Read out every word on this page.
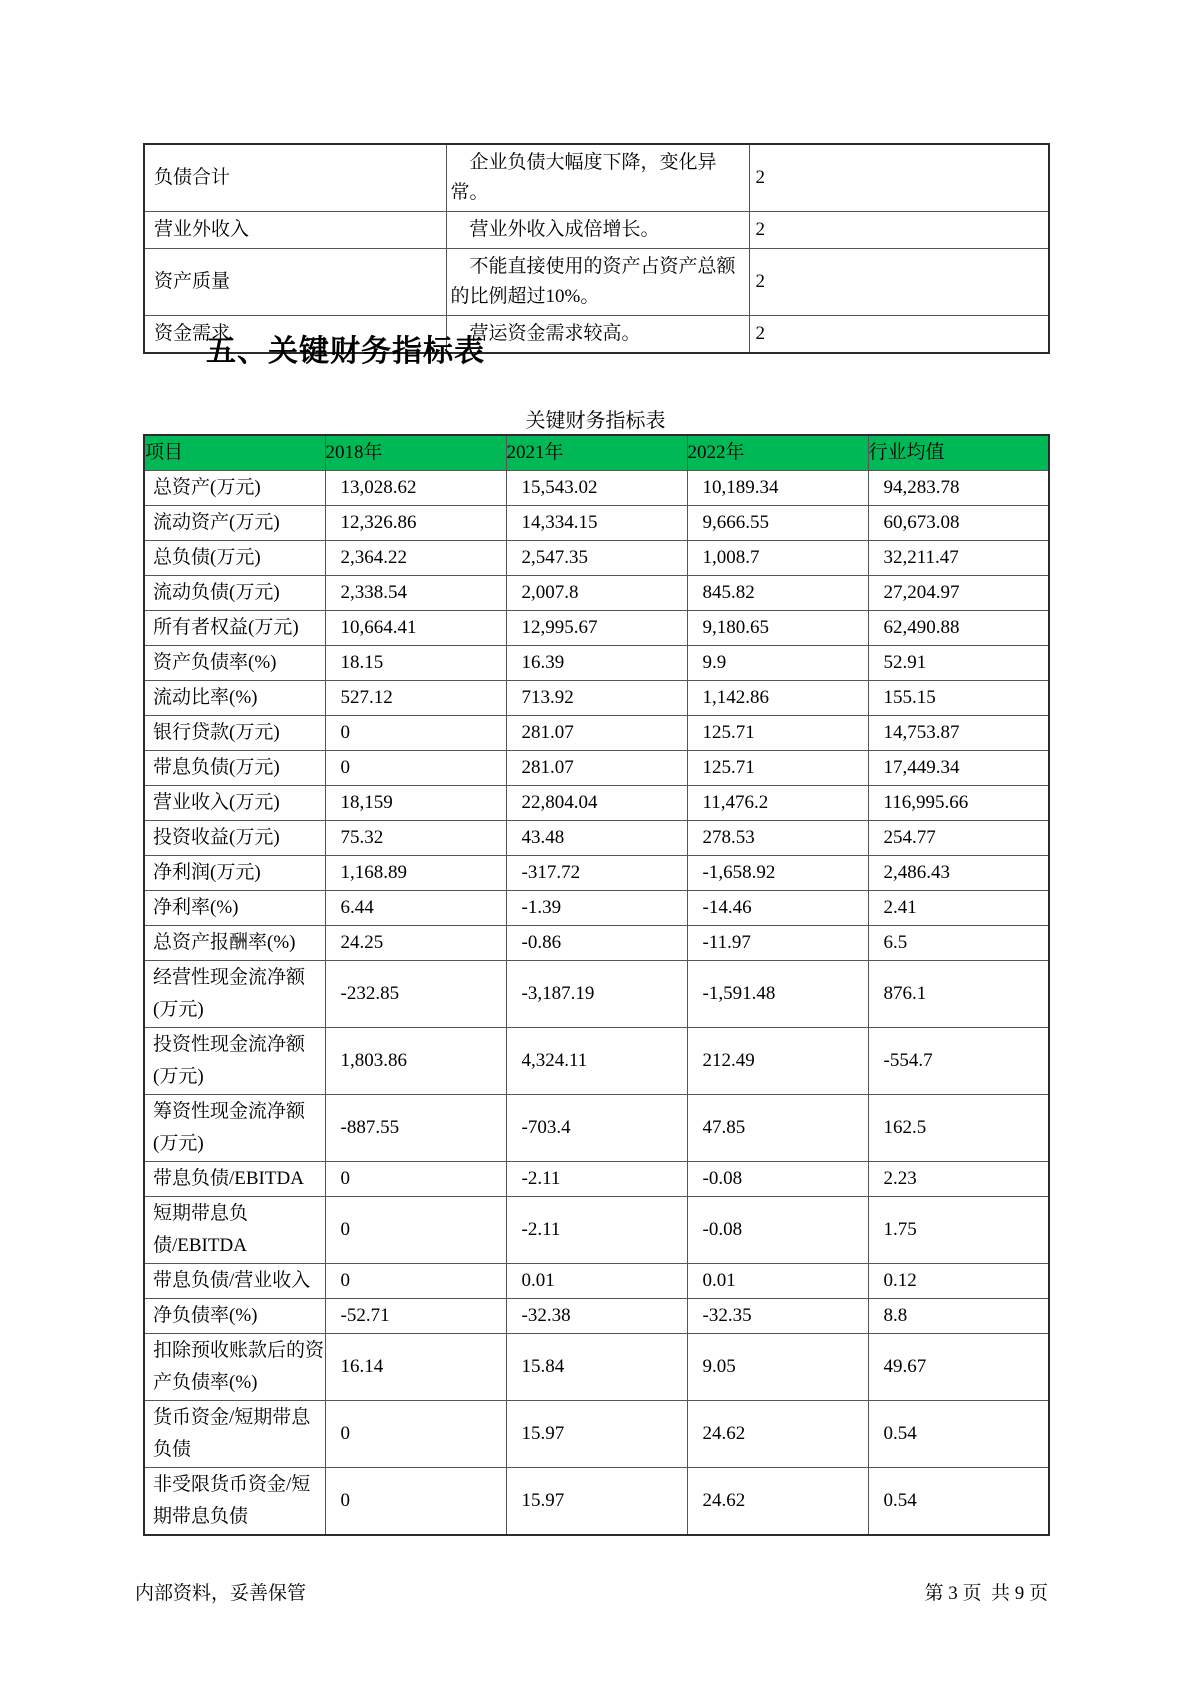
负债合计	企业负债大幅度下降，变化异常。	2
营业外收入	营业外收入成倍增长。	2
资产质量	不能直接使用的资产占资产总额的比例超过10%。	2
资金需求	营运资金需求较高。	2
五、关键财务指标表
关键财务指标表
项目	2018年	2021年	2022年	行业均值
总资产(万元)	13,028.62	15,543.02	10,189.34	94,283.78
流动资产(万元)	12,326.86	14,334.15	9,666.55	60,673.08
总负债(万元)	2,364.22	2,547.35	1,008.7	32,211.47
流动负债(万元)	2,338.54	2,007.8	845.82	27,204.97
所有者权益(万元)	10,664.41	12,995.67	9,180.65	62,490.88
资产负债率(%)	18.15	16.39	9.9	52.91
流动比率(%)	527.12	713.92	1,142.86	155.15
银行贷款(万元)	0	281.07	125.71	14,753.87
带息负债(万元)	0	281.07	125.71	17,449.34
营业收入(万元)	18,159	22,804.04	11,476.2	116,995.66
投资收益(万元)	75.32	43.48	278.53	254.77
净利润(万元)	1,168.89	-317.72	-1,658.92	2,486.43
净利率(%)	6.44	-1.39	-14.46	2.41
总资产报酬率(%)	24.25	-0.86	-11.97	6.5
经营性现金流净额(万元)	-232.85	-3,187.19	-1,591.48	876.1
投资性现金流净额(万元)	1,803.86	4,324.11	212.49	-554.7
筹资性现金流净额(万元)	-887.55	-703.4	47.85	162.5
带息负债/EBITDA	0	-2.11	-0.08	2.23
短期带息负债/EBITDA	0	-2.11	-0.08	1.75
带息负债/营业收入	0	0.01	0.01	0.12
净负债率(%)	-52.71	-32.38	-32.35	8.8
扣除预收账款后的资产负债率(%)	16.14	15.84	9.05	49.67
货币资金/短期带息负债	0	15.97	24.62	0.54
非受限货币资金/短期带息负债	0	15.97	24.62	0.54
内部资料，妥善保管	第 3 页  共 9 页
